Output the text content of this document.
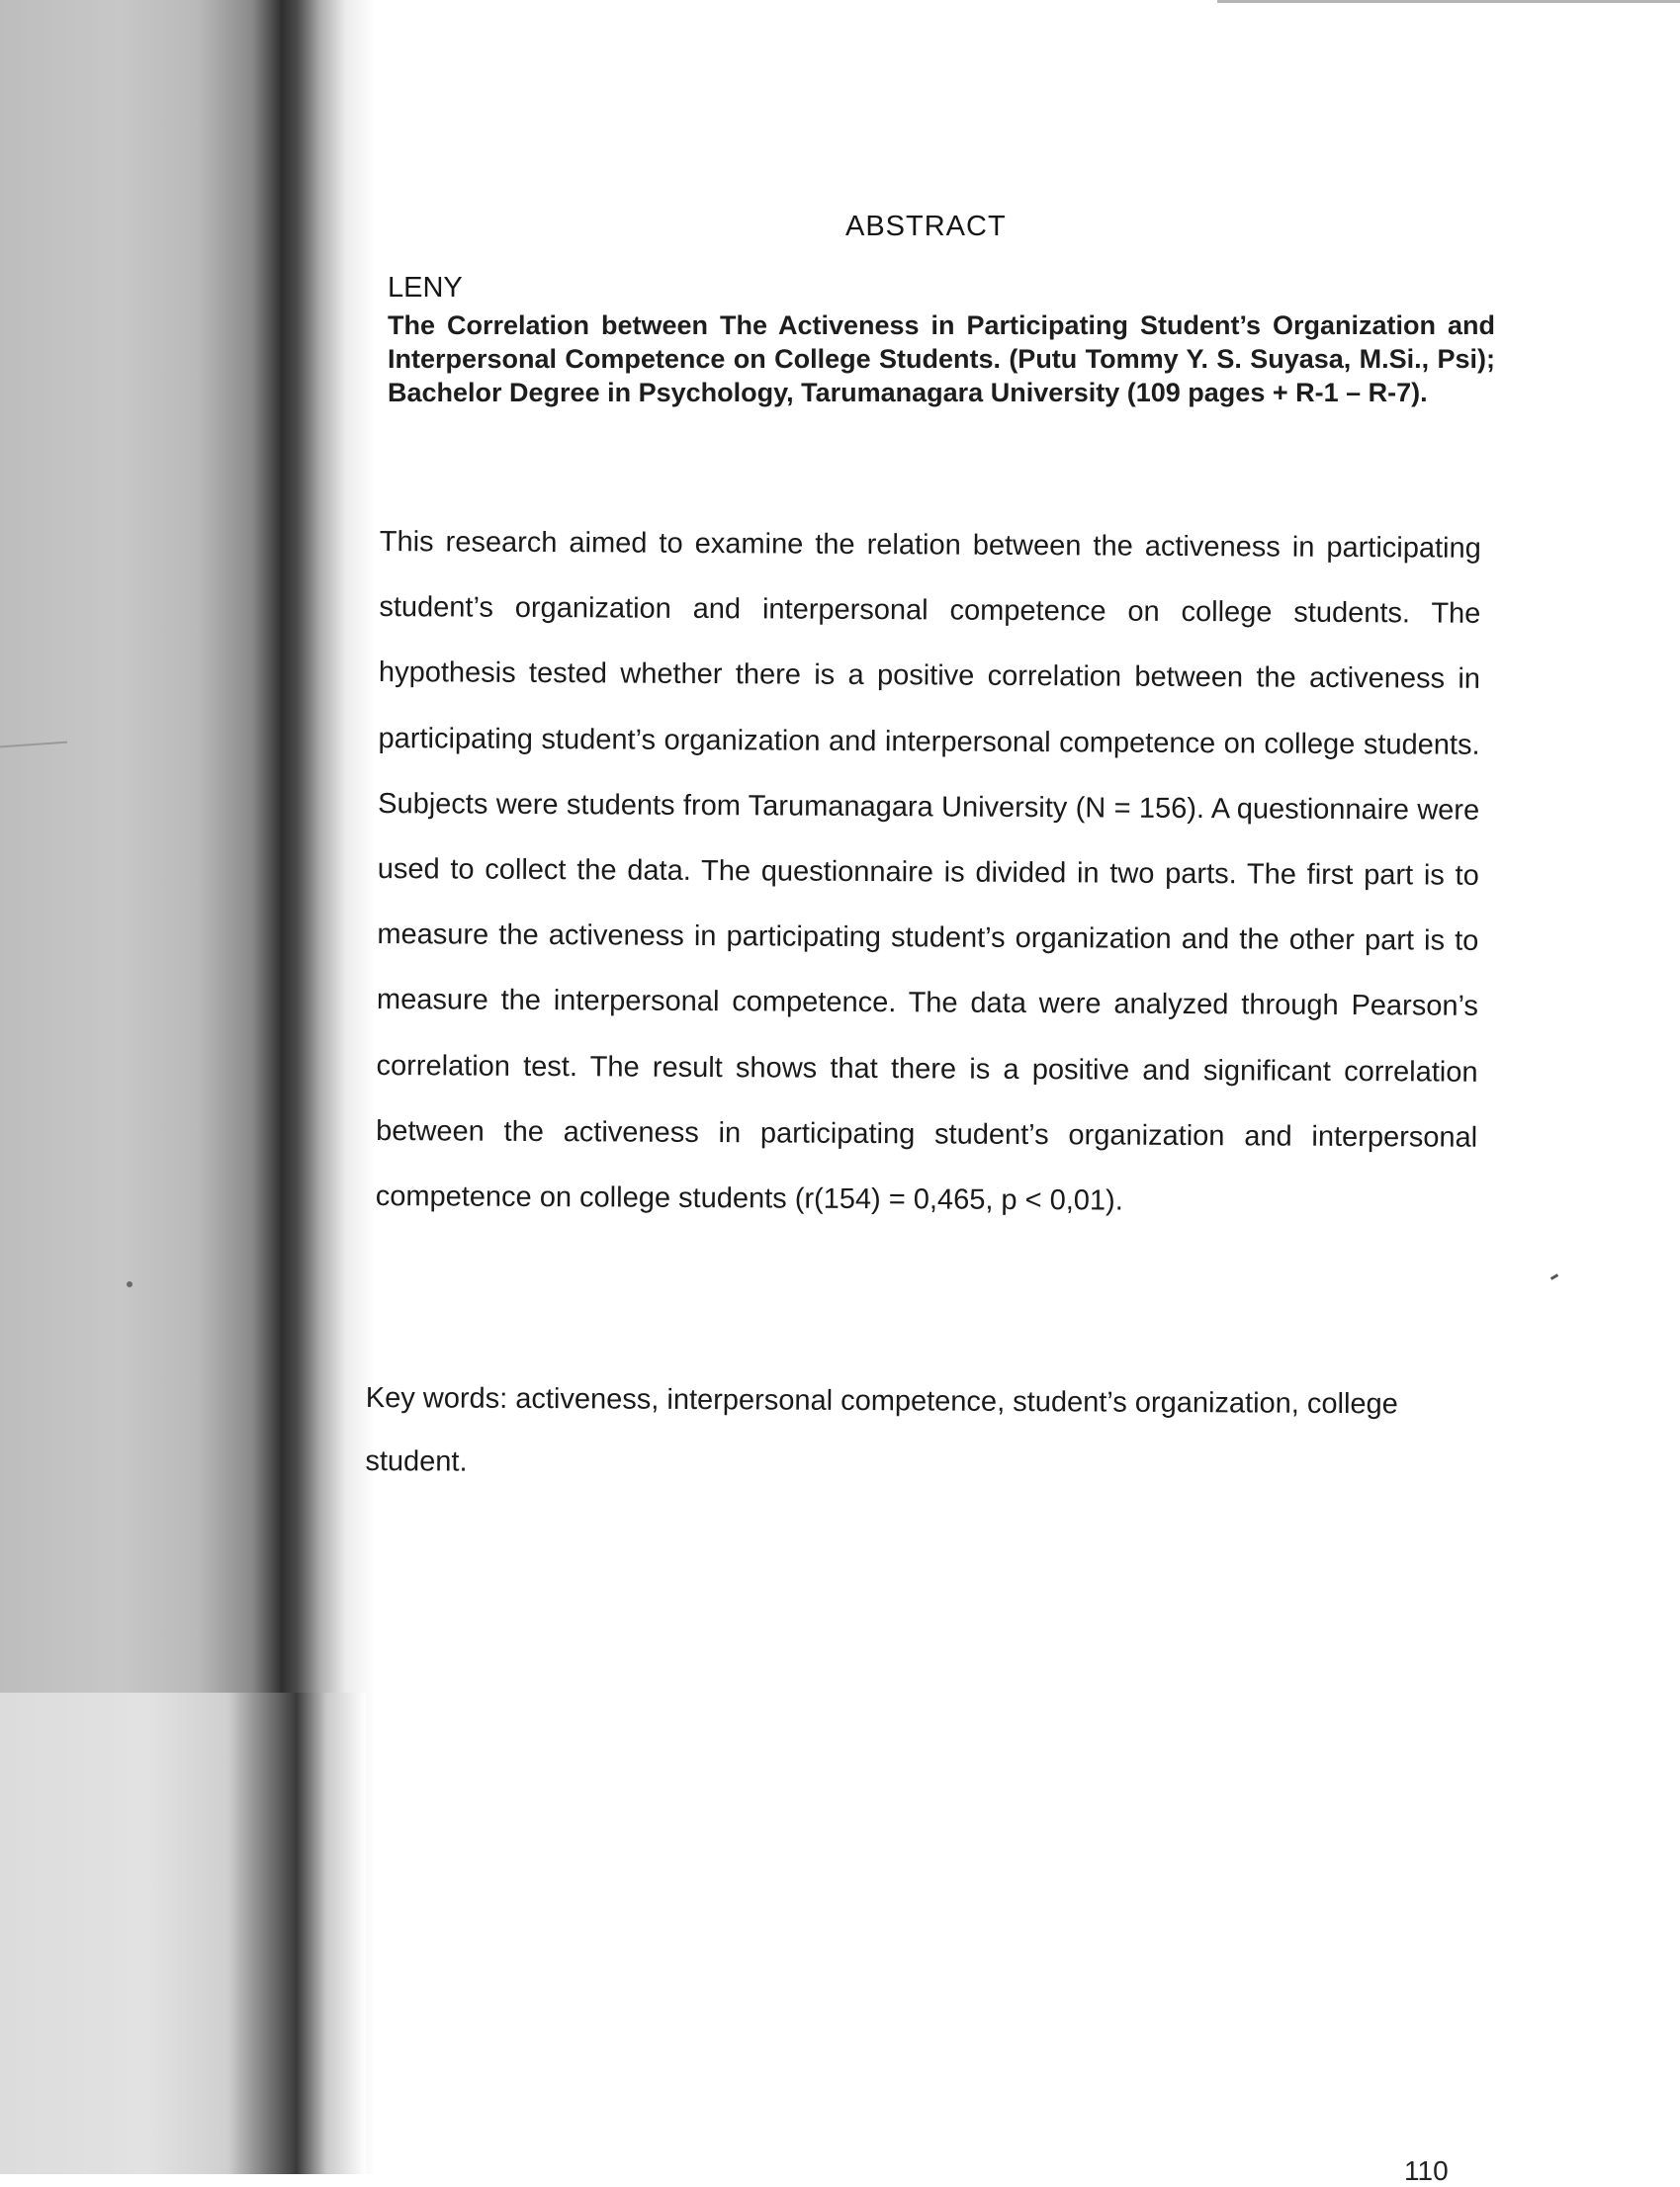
ABSTRACT
LENY
The Correlation between The Activeness in Participating Student’s Organization and Interpersonal Competence on College Students. (Putu Tommy Y. S. Suyasa, M.Si., Psi); Bachelor Degree in Psychology, Tarumanagara University (109 pages + R-1 – R-7).
This research aimed to examine the relation between the activeness in participating student’s organization and interpersonal competence on college students. The hypothesis tested whether there is a positive correlation between the activeness in participating student’s organization and interpersonal competence on college students. Subjects were students from Tarumanagara University (N = 156). A questionnaire were used to collect the data. The questionnaire is divided in two parts. The first part is to measure the activeness in participating student’s organization and the other part is to measure the interpersonal competence. The data were analyzed through Pearson’s correlation test. The result shows that there is a positive and significant correlation between the activeness in participating student’s organization and interpersonal competence on college students (r(154) = 0,465, p < 0,01).
Key words: activeness, interpersonal competence, student’s organization, college student.
110
